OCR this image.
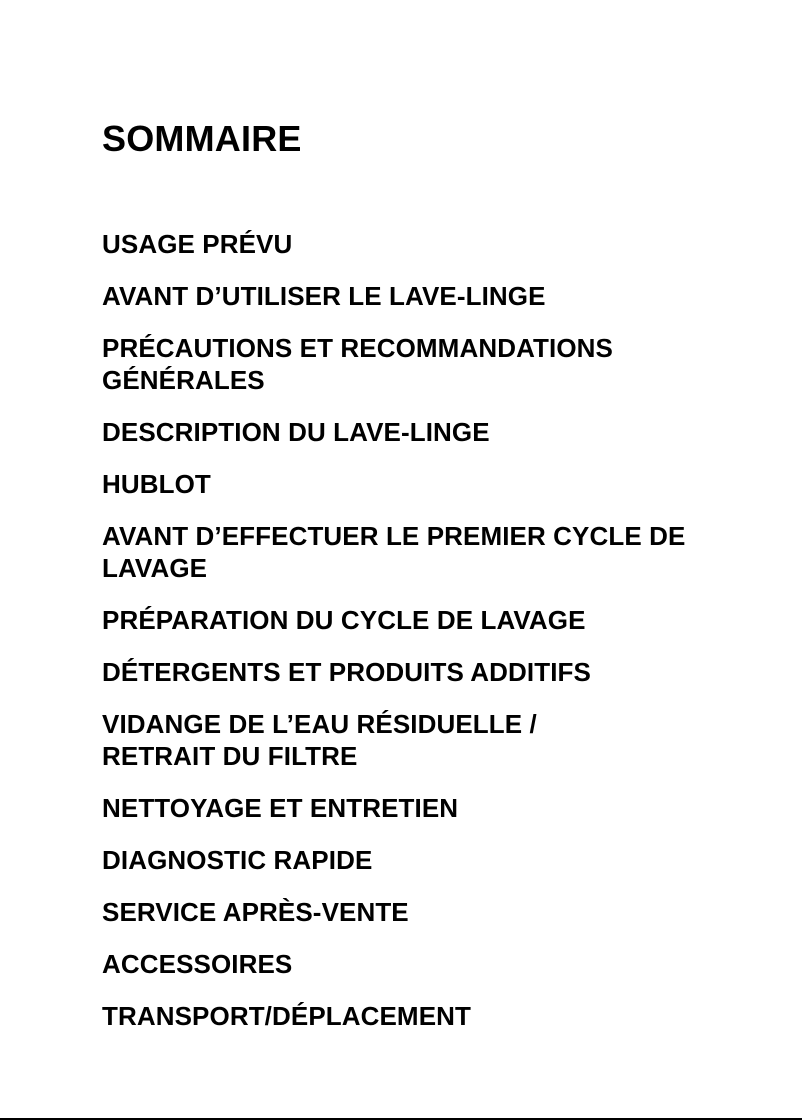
SOMMAIRE
USAGE PRÉVU
AVANT D’UTILISER LE LAVE-LINGE
PRÉCAUTIONS ET RECOMMANDATIONS
GÉNÉRALES
DESCRIPTION DU LAVE-LINGE
HUBLOT
AVANT D’EFFECTUER LE PREMIER CYCLE DE
LAVAGE
PRÉPARATION DU CYCLE DE LAVAGE
DÉTERGENTS ET PRODUITS ADDITIFS
VIDANGE DE L’EAU RÉSIDUELLE /
RETRAIT DU FILTRE
NETTOYAGE ET ENTRETIEN
DIAGNOSTIC RAPIDE
SERVICE APRÈS-VENTE
ACCESSOIRES
TRANSPORT/DÉPLACEMENT
